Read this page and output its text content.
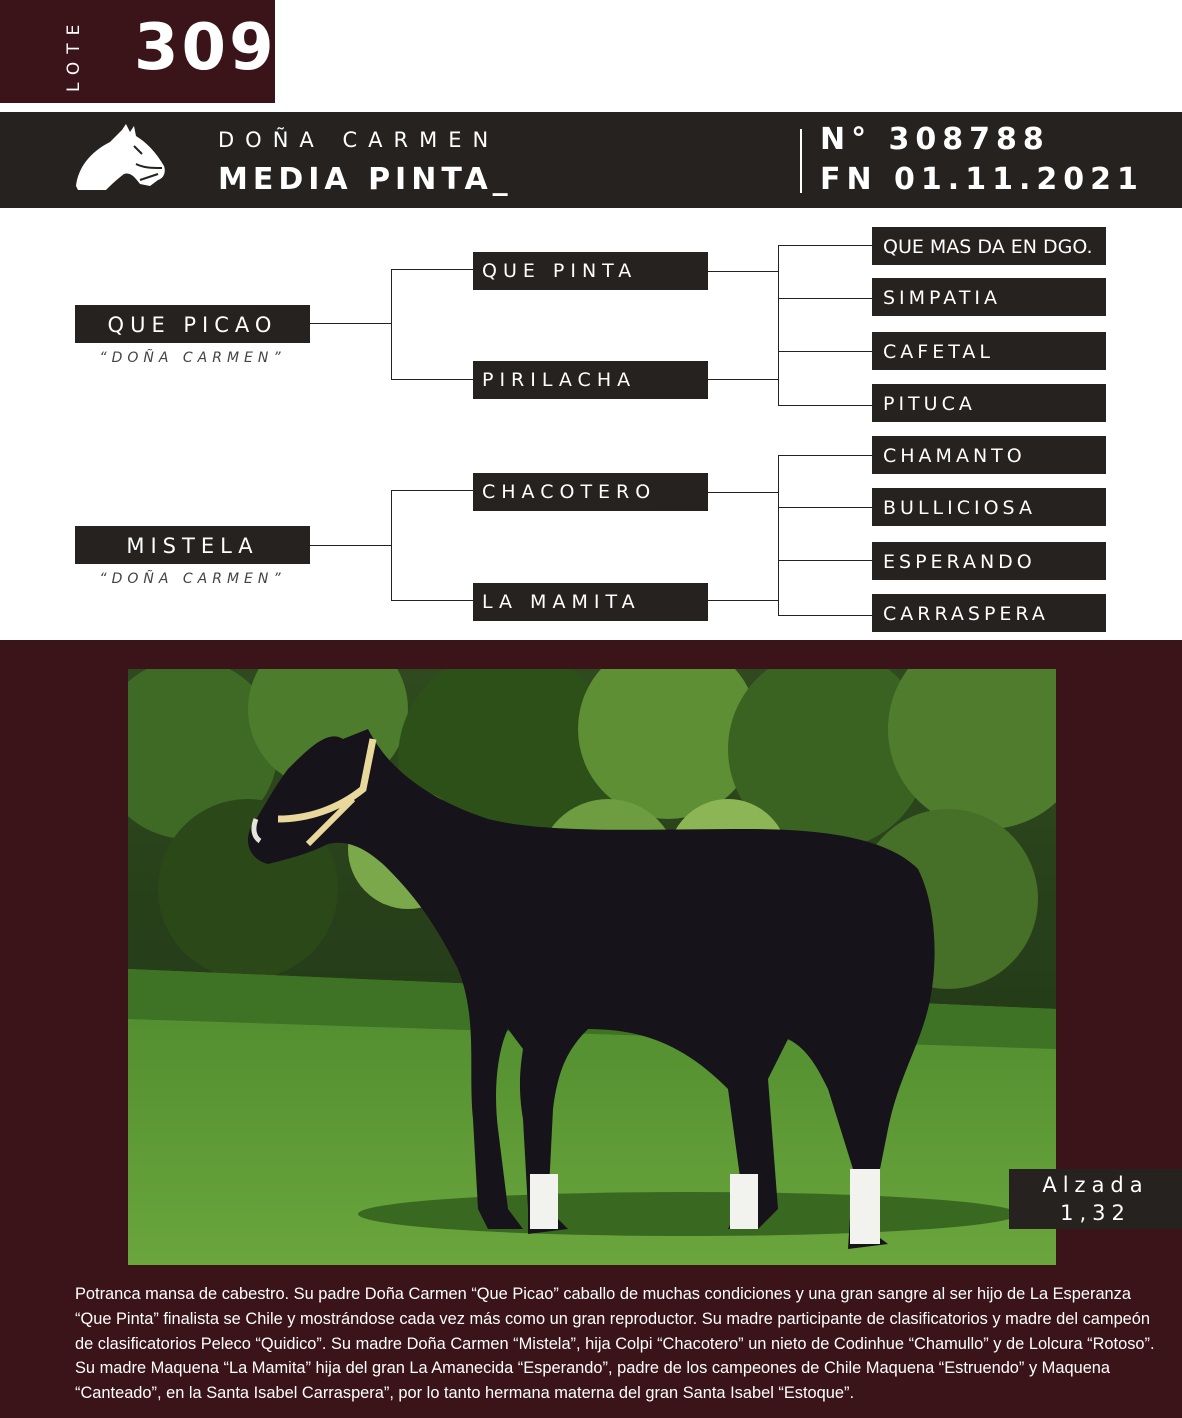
LOTE 309
DOÑA CARMEN
MEDIA PINTA_
N° 308788
FN 01.11.2021
QUE PICAO
“DOÑA CARMEN”
MISTELA
“DOÑA CARMEN”
QUE PINTA
PIRILACHA
CHACOTERO
LA MAMITA
QUE MAS DA EN DGO.
SIMPATIA
CAFETAL
PITUCA
CHAMANTO
BULLICIOSA
ESPERANDO
CARRASPERA
Alzada
1,32
Potranca mansa de cabestro. Su padre Doña Carmen “Que Picao” caballo de muchas condiciones y una gran sangre al ser hijo de La Esperanza “Que Pinta” finalista se Chile y mostrándose cada vez más como un gran reproductor. Su madre participante de clasificatorios y madre del campeón de clasificatorios Peleco “Quidico”. Su madre Doña Carmen “Mistela”, hija Colpi “Chacotero” un nieto de Codinhue “Chamullo” y de Lolcura “Rotoso”. Su madre Maquena “La Mamita” hija del gran La Amanecida “Esperando”, padre de los campeones de Chile Maquena “Estruendo” y Maquena “Canteado”, en la Santa Isabel Carraspera”, por lo tanto hermana materna del gran Santa Isabel “Estoque”.
